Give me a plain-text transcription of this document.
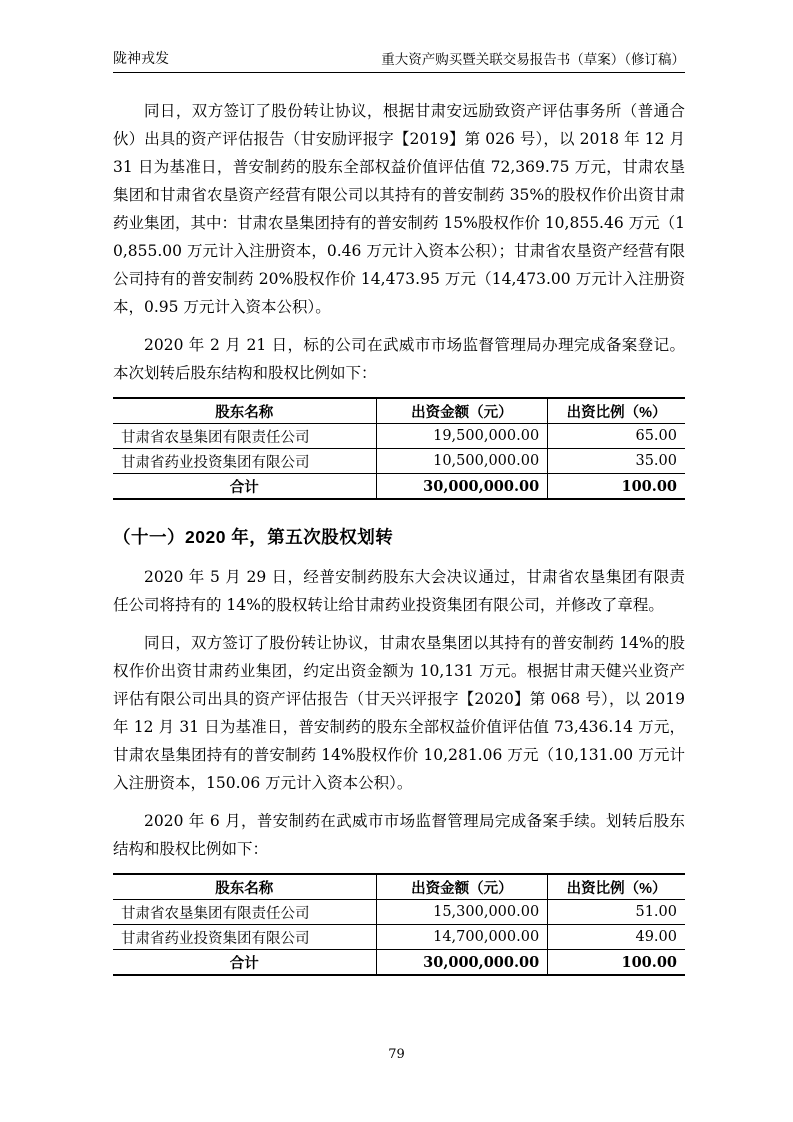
陇神戎发	重大资产购买暨关联交易报告书（草案）（修订稿）

同日，双方签订了股份转让协议，根据甘肃安远励致资产评估事务所（普通合伙）出具的资产评估报告（甘安励评报字【2019】第 026 号），以 2018 年 12 月 31 日为基准日，普安制药的股东全部权益价值评估值 72,369.75 万元，甘肃农垦集团和甘肃省农垦资产经营有限公司以其持有的普安制药 35%的股权作价出资甘肃药业集团，其中：甘肃农垦集团持有的普安制药 15%股权作价 10,855.46 万元（10,855.00 万元计入注册资本，0.46 万元计入资本公积）；甘肃省农垦资产经营有限公司持有的普安制药 20%股权作价 14,473.95 万元（14,473.00 万元计入注册资本，0.95 万元计入资本公积）。

2020 年 2 月 21 日，标的公司在武威市市场监督管理局办理完成备案登记。本次划转后股东结构和股权比例如下：

股东名称	出资金额（元）	出资比例（%）
甘肃省农垦集团有限责任公司	19,500,000.00	65.00
甘肃省药业投资集团有限公司	10,500,000.00	35.00
合计	30,000,000.00	100.00
（十一）2020 年，第五次股权划转

2020 年 5 月 29 日，经普安制药股东大会决议通过，甘肃省农垦集团有限责任公司将持有的 14%的股权转让给甘肃药业投资集团有限公司，并修改了章程。

同日，双方签订了股份转让协议，甘肃农垦集团以其持有的普安制药 14%的股权作价出资甘肃药业集团，约定出资金额为 10,131 万元。根据甘肃天健兴业资产评估有限公司出具的资产评估报告（甘天兴评报字【2020】第 068 号），以 2019 年 12 月 31 日为基准日，普安制药的股东全部权益价值评估值 73,436.14 万元，甘肃农垦集团持有的普安制药 14%股权作价 10,281.06 万元（10,131.00 万元计入注册资本，150.06 万元计入资本公积）。

2020 年 6 月，普安制药在武威市市场监督管理局完成备案手续。划转后股东结构和股权比例如下：

股东名称	出资金额（元）	出资比例（%）
甘肃省农垦集团有限责任公司	15,300,000.00	51.00
甘肃省药业投资集团有限公司	14,700,000.00	49.00
合计	30,000,000.00	100.00
79
